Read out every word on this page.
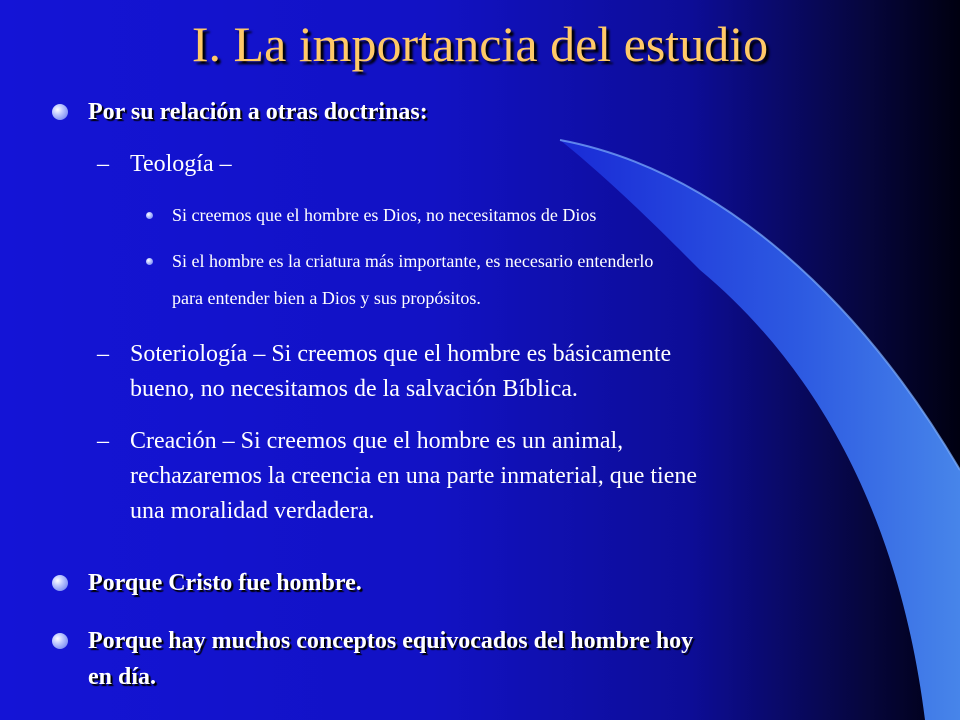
I. La importancia del estudio
Por su relación a otras doctrinas:
– Teología –
Si creemos que el hombre es Dios, no necesitamos de Dios
Si el hombre es la criatura más importante, es necesario entenderlo
para entender bien a Dios y sus propósitos.
– Soteriología – Si creemos que el hombre es básicamente
bueno, no necesitamos de la salvación Bíblica.
– Creación – Si creemos que el hombre es un animal,
rechazaremos la creencia en una parte inmaterial, que tiene
una moralidad verdadera.
Porque Cristo fue hombre.
Porque hay muchos conceptos equivocados del hombre hoy
en día.
